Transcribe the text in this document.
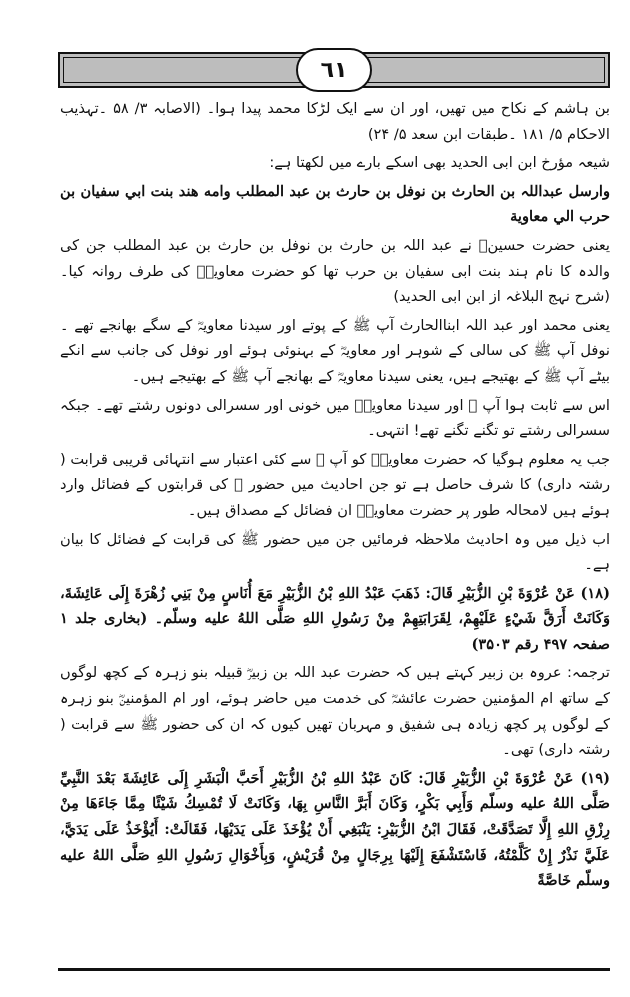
٦١

بن ہاشم کے نکاح میں تھیں، اور ان سے ایک لڑکا محمد پیدا ہوا۔ (الاصابہ ۳/ ۵۸ ۔تہذیب الاحکام ۵/ ۱۸۱ ۔طبقات ابن سعد ۵/ ۲۴)

شیعہ مؤرخ ابن ابی الحدید بھی اسکے بارے میں لکھتا ہے:

وارسل عبداللہ بن الحارث بن نوفل بن حارث بن عبد المطلب وامه هند بنت ابي سفيان بن حرب الي معاوية

یعنی حضرت حسینؓ نے عبد اللہ بن حارث بن نوفل بن حارث بن عبد المطلب جن کی والدہ کا نام ہند بنت ابی سفیان بن حرب تھا کو حضرت معاویہؓ کی طرف روانہ کیا۔ (شرح نہج البلاغہ از ابن ابی الحدید)

یعنی محمد اور عبد اللہ ابناالحارث آپ ﷺ کے پوتے اور سیدنا معاویہؓ کے سگے بھانجے تھے ۔ نوفل آپ ﷺ کی سالی کے شوہر اور معاویہؓ کے بہنوئی ہوئے اور نوفل کی جانب سے انکے بیٹے آپ ﷺ کے بھتیجے ہیں، یعنی سیدنا معاویہؓ کے بھانجے آپ ﷺ کے بھتیجے ہیں۔

اس سے ثابت ہوا آپ ﷺ اور سیدنا معاویہؓ میں خونی اور سسرالی دونوں رشتے تھے۔ جبکہ سسرالی رشتے تو تگنے تگنے تھے! انتہی۔

جب یہ معلوم ہوگیا کہ حضرت معاویہؓ کو آپ ﷺ سے کئی اعتبار سے انتہائی قریبی قرابت ( رشتہ داری) کا شرف حاصل ہے تو جن احادیث میں حضور ﷺ کی قرابتوں کے فضائل وارد ہوئے ہیں لامحالہ طور پر حضرت معاویہؓ ان فضائل کے مصداق ہیں۔

اب ذیل میں وہ احادیث ملاحظہ فرمائیں جن میں حضور ﷺ کی قرابت کے فضائل کا بیان ہے۔

(۱۸) عَنْ عُرْوَةَ بْنِ الزُّبَيْرِ قَالَ: ذَهَبَ عَبْدُ اللهِ بْنُ الزُّبَيْرِ مَعَ أُنَاسٍ مِنْ بَنِي زُهْرَةَ إِلَى عَائِشَةَ، وَكَانَتْ أَرَقَّ شَيْءٍ عَلَيْهِمْ، لِقَرَابَتِهِمْ مِنْ رَسُولِ اللهِ صَلَّى اللهُ عليه وسلّم۔ (بخاری جلد ۱ صفحہ ۴۹۷ رقم ۳۵۰۳)

ترجمہ: عروہ بن زبیر کہتے ہیں کہ حضرت عبد اللہ بن زبیرؓ قبیلہ بنو زہرہ کے کچھ لوگوں کے ساتھ ام المؤمنین حضرت عائشہؓ کی خدمت میں حاضر ہوئے، اور ام المؤمنینؓ بنو زہرہ کے لوگوں پر کچھ زیادہ ہی شفیق و مہربان تھیں کیوں کہ ان کی حضور ﷺ سے قرابت ( رشتہ داری) تھی۔

(۱۹) عَنْ عُرْوَةَ بْنِ الزُّبَيْرِ قَالَ: كَانَ عَبْدُ اللهِ بْنُ الزُّبَيْرِ أَحَبَّ الْبَشَرِ إِلَى عَائِشَةَ بَعْدَ النَّبِيِّ صَلَّى اللهُ عليه وسلّم وَأَبِي بَكْرٍ، وَكَانَ أَبَرَّ النَّاسِ بِهَا، وَكَانَتْ لَا تُمْسِكُ شَيْئًا مِمَّا جَاءَهَا مِنْ رِزْقِ اللهِ إِلَّا تَصَدَّقَتْ، فَقَالَ ابْنُ الزُّبَيْرِ: يَنْبَغِي أَنْ يُؤْخَذَ عَلَى يَدَيْهَا، فَقَالَتْ: أَيُؤْخَذُ عَلَى يَدَيَّ، عَلَيَّ نَذْرٌ إِنْ كَلَّمْتُهُ، فَاسْتَشْفَعَ إِلَيْهَا بِرِجَالٍ مِنْ قُرَيْشٍ، وَبِأَخْوَالِ رَسُولِ اللهِ صَلَّى اللهُ عليه وسلّم خَاصَّةً
